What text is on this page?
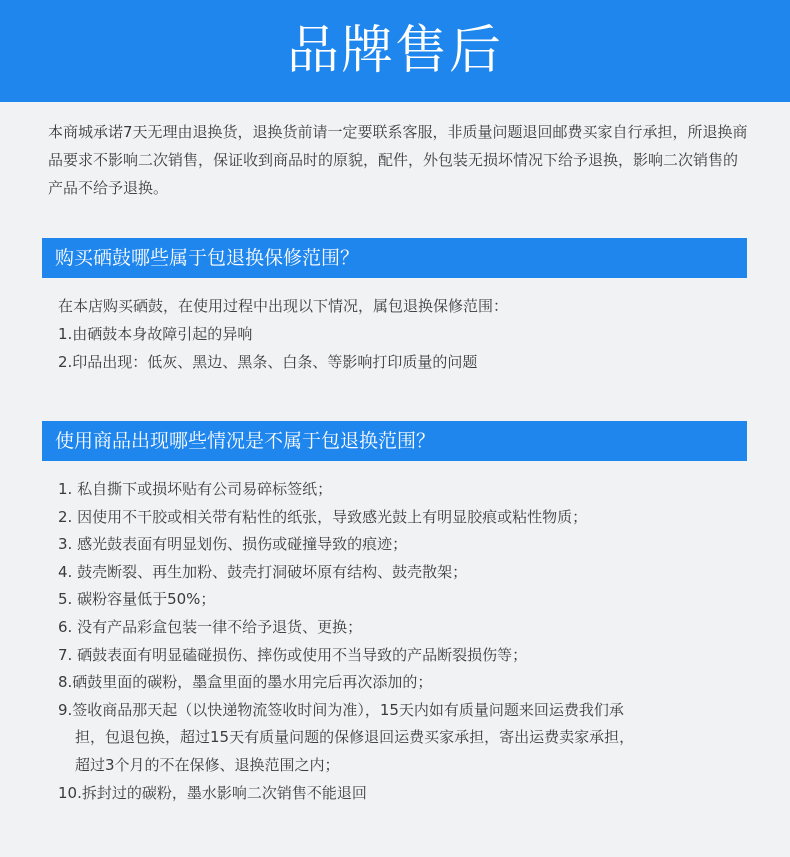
品牌售后
本商城承诺7天无理由退换货，退换货前请一定要联系客服，非质量问题退回邮费买家自行承担，所退换商品要求不影响二次销售，保证收到商品时的原貌，配件，外包装无损坏情况下给予退换，影响二次销售的产品不给予退换。
购买硒鼓哪些属于包退换保修范围？
在本店购买硒鼓，在使用过程中出现以下情况，属包退换保修范围：
1.由硒鼓本身故障引起的异响
2.印品出现：低灰、黑边、黑条、白条、等影响打印质量的问题
使用商品出现哪些情况是不属于包退换范围？
1. 私自撕下或损坏贴有公司易碎标签纸；
2. 因使用不干胶或相关带有粘性的纸张，导致感光鼓上有明显胶痕或粘性物质；
3. 感光鼓表面有明显划伤、损伤或碰撞导致的痕迹；
4. 鼓壳断裂、再生加粉、鼓壳打洞破坏原有结构、鼓壳散架；
5. 碳粉容量低于50%；
6. 没有产品彩盒包装一律不给予退货、更换；
7. 硒鼓表面有明显磕碰损伤、摔伤或使用不当导致的产品断裂损伤等；
8.硒鼓里面的碳粉，墨盒里面的墨水用完后再次添加的；
9.签收商品那天起（以快递物流签收时间为准），15天内如有质量问题来回运费我们承
担，包退包换，超过15天有质量问题的保修退回运费买家承担，寄出运费卖家承担，
超过3个月的不在保修、退换范围之内；
10.拆封过的碳粉，墨水影响二次销售不能退回
